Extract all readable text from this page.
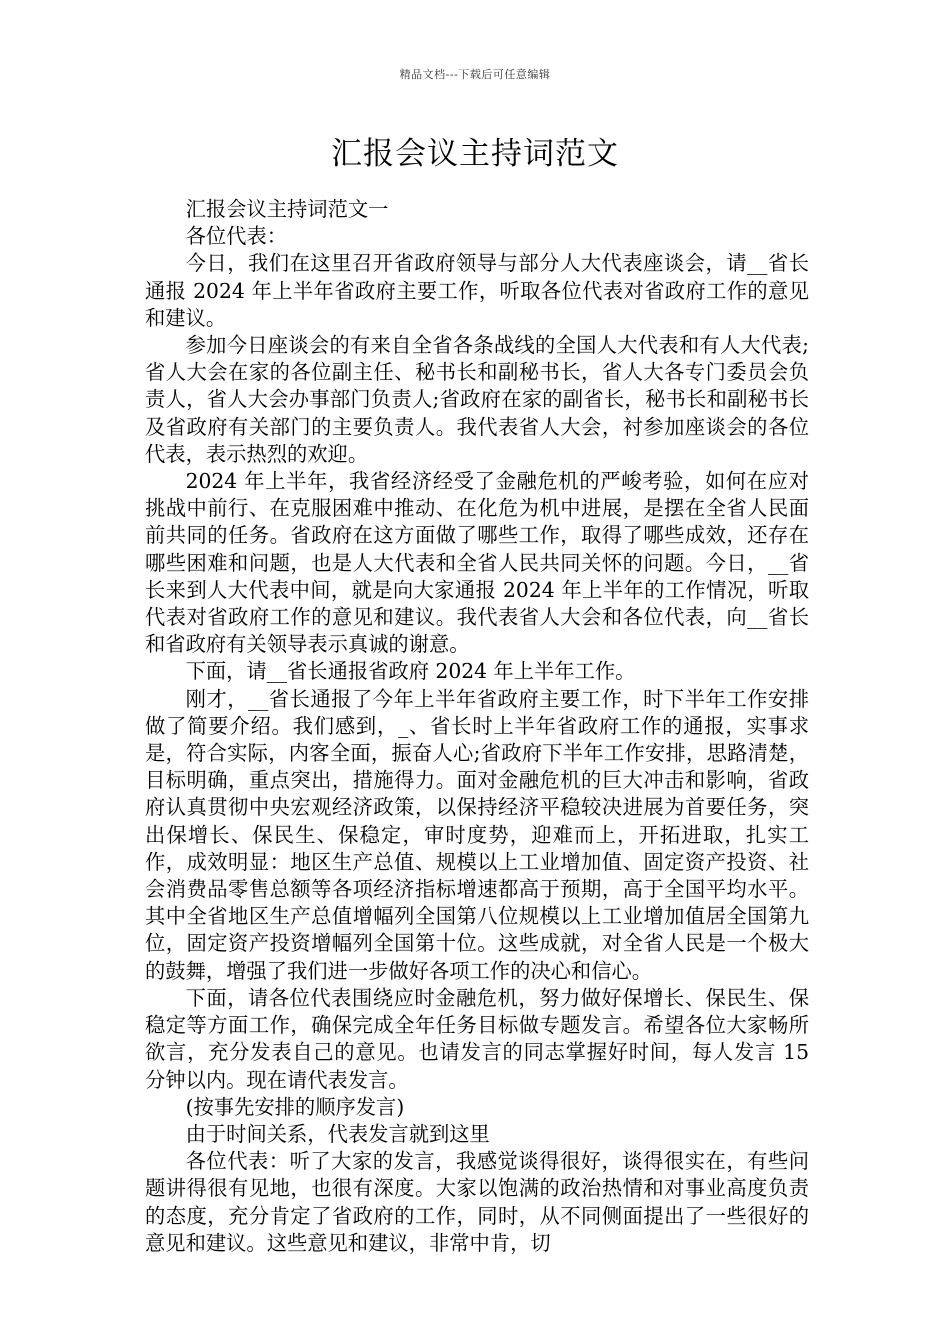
精品文档---下载后可任意编辑
汇报会议主持词范文

汇报会议主持词范文一

各位代表：

今日，我们在这里召开省政府领导与部分人大代表座谈会，请__省长通报 2024 年上半年省政府主要工作，听取各位代表对省政府工作的意见和建议。

参加今日座谈会的有来自全省各条战线的全国人大代表和有人大代表;省人大会在家的各位副主任、秘书长和副秘书长，省人大各专门委员会负责人，省人大会办事部门负责人;省政府在家的副省长，秘书长和副秘书长及省政府有关部门的主要负责人。我代表省人大会，衬参加座谈会的各位代表，表示热烈的欢迎。

2024 年上半年，我省经济经受了金融危机的严峻考验，如何在应对挑战中前行、在克服困难中推动、在化危为机中进展，是摆在全省人民面前共同的任务。省政府在这方面做了哪些工作，取得了哪些成效，还存在哪些困难和问题，也是人大代表和全省人民共同关怀的问题。今日，__省长来到人大代表中间，就是向大家通报 2024 年上半年的工作情况，听取代表对省政府工作的意见和建议。我代表省人大会和各位代表，向__省长和省政府有关领导表示真诚的谢意。

下面，请__省长通报省政府 2024 年上半年工作。

刚才，__省长通报了今年上半年省政府主要工作，时下半年工作安排做了简要介绍。我们感到，_、省长时上半年省政府工作的通报，实事求是，符合实际，内客全面，振奋人心;省政府下半年工作安排，思路清楚，目标明确，重点突出，措施得力。面对金融危机的巨大冲击和影响，省政府认真贯彻中央宏观经济政策，以保持经济平稳较决进展为首要任务，突出保增长、保民生、保稳定，审时度势，迎难而上，开拓进取，扎实工作，成效明显：地区生产总值、规模以上工业增加值、固定资产投资、社会消费品零售总额等各项经济指标增速都高于预期，高于全国平均水平。其中全省地区生产总值增幅列全国第八位规模以上工业增加值居全国第九位，固定资产投资增幅列全国第十位。这些成就，对全省人民是一个极大的鼓舞，增强了我们进一步做好各项工作的决心和信心。

下面，请各位代表围绕应时金融危机，努力做好保增长、保民生、保稳定等方面工作，确保完成全年任务目标做专题发言。希望各位大家畅所欲言，充分发表自己的意见。也请发言的同志掌握好时间，每人发言 15 分钟以内。现在请代表发言。

(按事先安排的顺序发言)

由于时间关系，代表发言就到这里

各位代表：听了大家的发言，我感觉谈得很好，谈得很实在，有些问题讲得很有见地，也很有深度。大家以饱满的政治热情和对事业高度负责的态度，充分肯定了省政府的工作，同时，从不同侧面提出了一些很好的意见和建议。这些意见和建议，非常中肯，切
